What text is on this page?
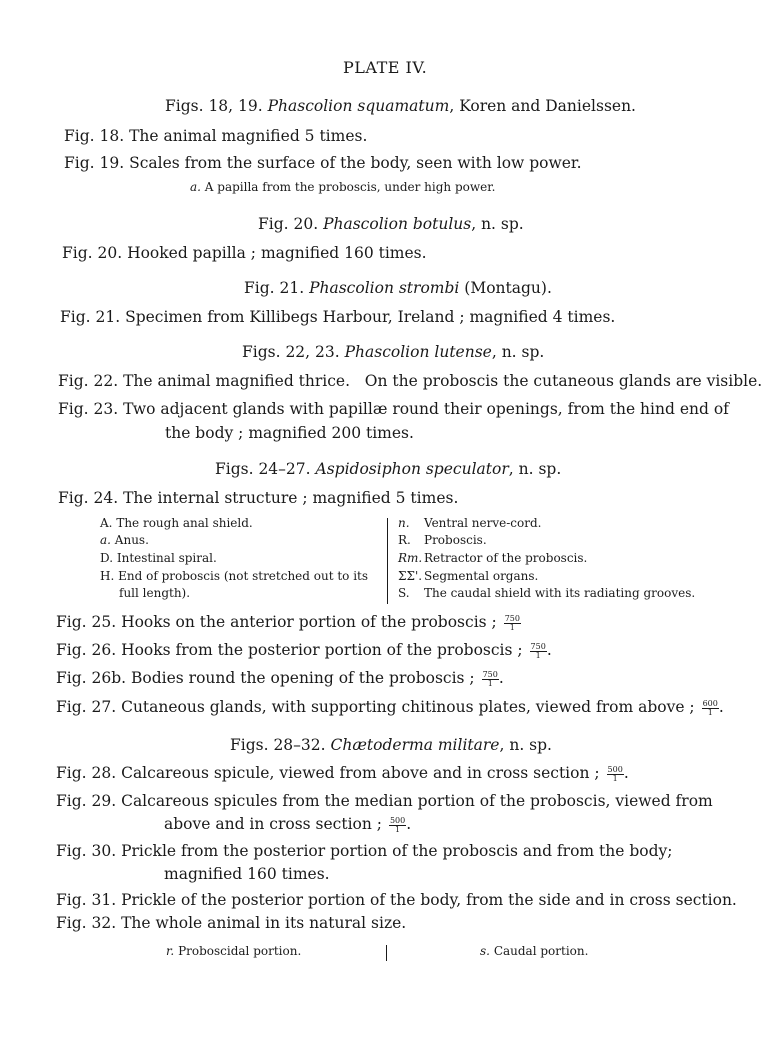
PLATE IV.
Figs. 18, 19. Phascolion squamatum, Koren and Danielssen.
Fig. 18. The animal magnified 5 times.
Fig. 19. Scales from the surface of the body, seen with low power.
a. A papilla from the proboscis, under high power.
Fig. 20. Phascolion botulus, n. sp.
Fig. 20. Hooked papilla ; magnified 160 times.
Fig. 21. Phascolion strombi (Montagu).
Fig. 21. Specimen from Killibegs Harbour, Ireland ; magnified 4 times.
Figs. 22, 23. Phascolion lutense, n. sp.
Fig. 22. The animal magnified thrice.   On the proboscis the cutaneous glands are visible.
Fig. 23. Two adjacent glands with papillæ round their openings, from the hind end of
the body ; magnified 200 times.
Figs. 24–27. Aspidosiphon speculator, n. sp.
Fig. 24. The internal structure ; magnified 5 times.
A. The rough anal shield.
a. Anus.
D. Intestinal spiral.
H. End of proboscis (not stretched out to its
full length).
n. Ventral nerve-cord.
R. Proboscis.
Rm. Retractor of the proboscis.
ΣΣ'. Segmental organs.
S. The caudal shield with its radiating grooves.
Fig. 25. Hooks on the anterior portion of the proboscis ; $\frac{750}{1}$
Fig. 26. Hooks from the posterior portion of the proboscis ; $\frac{750}{1}$ .
Fig. 26b. Bodies round the opening of the proboscis ; $\frac{750}{1}$ .
Fig. 27. Cutaneous glands, with supporting chitinous plates, viewed from above ; $\frac{600}{1}$ .
Figs. 28–32. Chætoderma militare, n. sp.
Fig. 28. Calcareous spicule, viewed from above and in cross section ; $\frac{500}{1}$ .
Fig. 29. Calcareous spicules from the median portion of the proboscis, viewed from
above and in cross section ; $\frac{500}{1}$ .
Fig. 30. Prickle from the posterior portion of the proboscis and from the body;
magnified 160 times.
Fig. 31. Prickle of the posterior portion of the body, from the side and in cross section.
Fig. 32. The whole animal in its natural size.
r. Proboscidal portion.	s. Caudal portion.
